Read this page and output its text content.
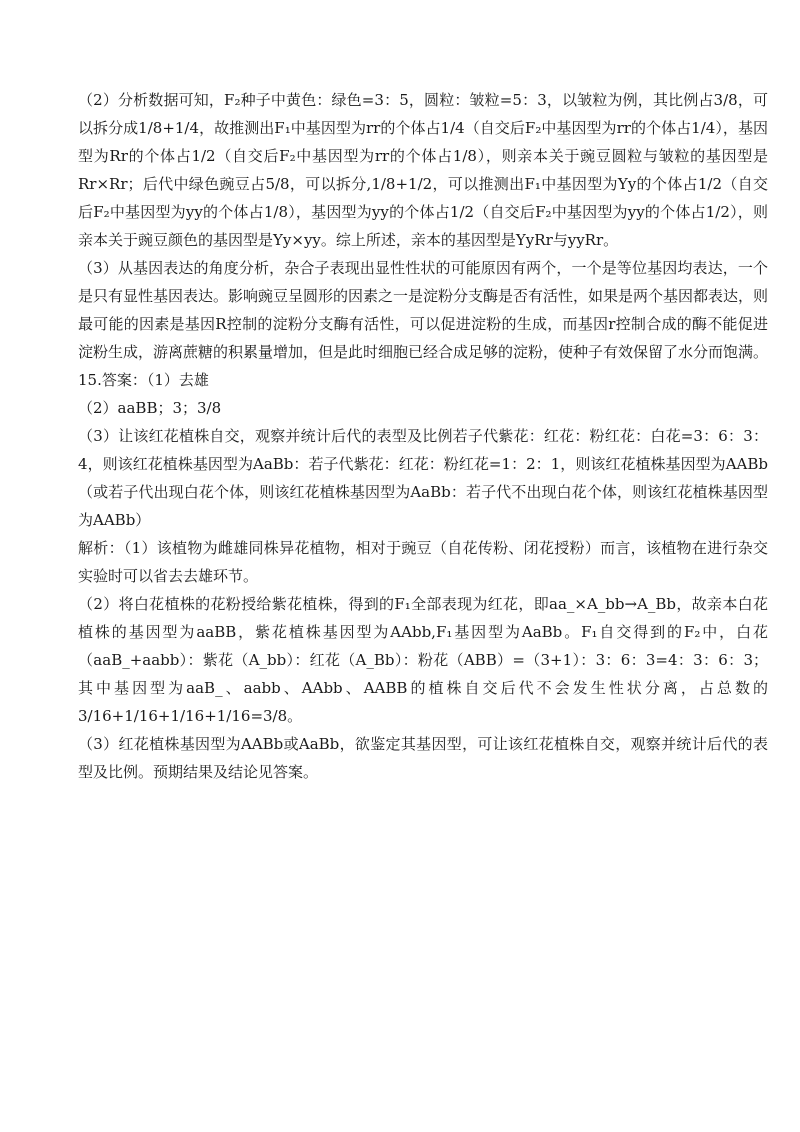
（2）分析数据可知，F₂种子中黄色：绿色=3：5，圆粒：皱粒=5：3，以皱粒为例，其比例占3/8，可以拆分成1/8+1/4，故推测出F₁中基因型为rr的个体占1/4（自交后F₂中基因型为rr的个体占1/4），基因型为Rr的个体占1/2（自交后F₂中基因型为rr的个体占1/8），则亲本关于豌豆圆粒与皱粒的基因型是Rr×Rr；后代中绿色豌豆占5/8，可以拆分,1/8+1/2，可以推测出F₁中基因型为Yy的个体占1/2（自交后F₂中基因型为yy的个体占1/8），基因型为yy的个体占1/2（自交后F₂中基因型为yy的个体占1/2），则亲本关于豌豆颜色的基因型是Yy×yy。综上所述，亲本的基因型是YyRr与yyRr。

（3）从基因表达的角度分析，杂合子表现出显性性状的可能原因有两个，一个是等位基因均表达，一个是只有显性基因表达。影响豌豆呈圆形的因素之一是淀粉分支酶是否有活性，如果是两个基因都表达，则最可能的因素是基因R控制的淀粉分支酶有活性，可以促进淀粉的生成，而基因r控制合成的酶不能促进淀粉生成，游离蔗糖的积累量增加，但是此时细胞已经合成足够的淀粉，使种子有效保留了水分而饱满。

15.答案：（1）去雄

（2）aaBB；3；3/8

（3）让该红花植株自交，观察并统计后代的表型及比例若子代紫花：红花：粉红花：白花=3：6：3：4，则该红花植株基因型为AaBb：若子代紫花：红花：粉红花=1：2：1，则该红花植株基因型为AABb（或若子代出现白花个体，则该红花植株基因型为AaBb：若子代不出现白花个体，则该红花植株基因型为AABb）

解析：（1）该植物为雌雄同株异花植物，相对于豌豆（自花传粉、闭花授粉）而言，该植物在进行杂交实验时可以省去去雄环节。

（2）将白花植株的花粉授给紫花植株，得到的F₁全部表现为红花，即aa_×A_bb→A_Bb，故亲本白花植株的基因型为aaBB，紫花植株基因型为AAbb,F₁基因型为AaBb。F₁自交得到的F₂中，白花（aaB_+aabb）：紫花（A_bb）：红花（A_Bb）：粉花（ABB）=（3+1）：3：6：3=4：3：6：3；其中基因型为aaB_、aabb、AAbb、AABB的植株自交后代不会发生性状分离，占总数的3/16+1/16+1/16+1/16=3/8。

（3）红花植株基因型为AABb或AaBb，欲鉴定其基因型，可让该红花植株自交，观察并统计后代的表型及比例。预期结果及结论见答案。
